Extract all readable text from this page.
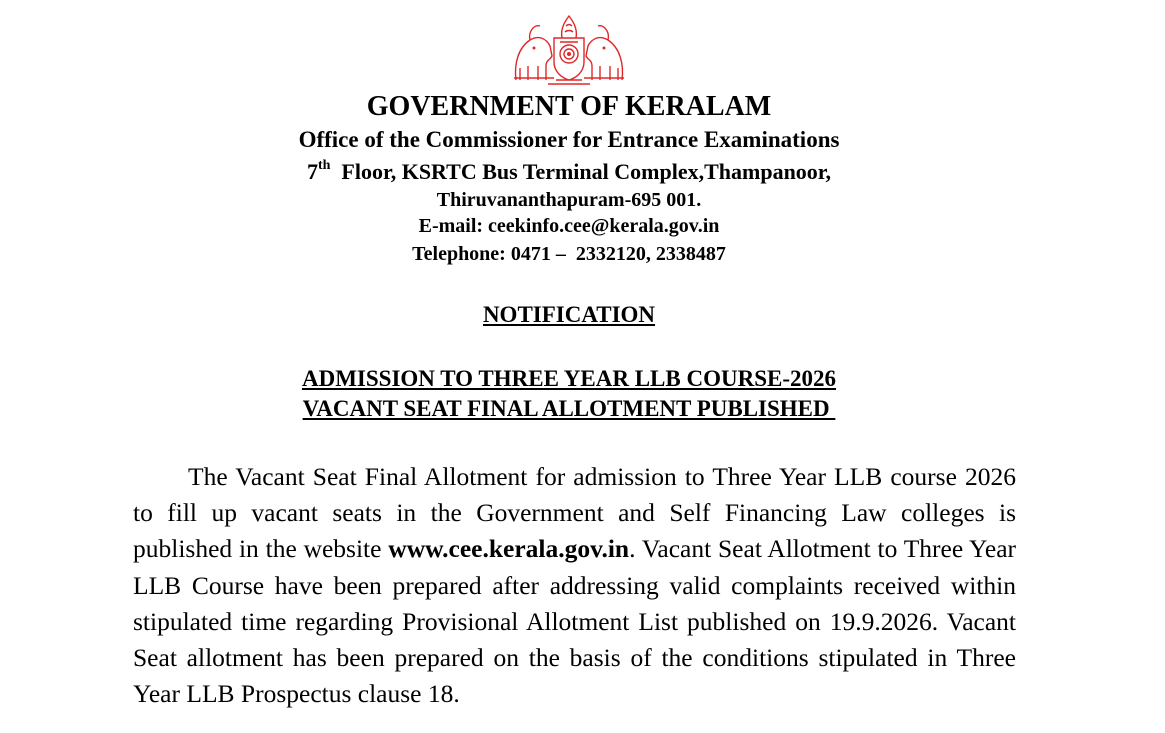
GOVERNMENT OF KERALAM
Office of the Commissioner for Entrance Examinations
7th  Floor, KSRTC Bus Terminal Complex,Thampanoor,
Thiruvananthapuram-695 001.
E-mail: ceekinfo.cee@kerala.gov.in
Telephone: 0471 –  2332120, 2338487
NOTIFICATION
ADMISSION TO THREE YEAR LLB COURSE-2026
VACANT SEAT FINAL ALLOTMENT PUBLISHED

The Vacant Seat Final Allotment for admission to Three Year LLB course 2026 to fill up vacant seats in the Government and Self Financing Law colleges is published in the website www.cee.kerala.gov.in. Vacant Seat Allotment to Three Year LLB Course have been prepared after addressing valid complaints received within stipulated time regarding Provisional Allotment List published on 19.9.2026. Vacant Seat allotment has been prepared on the basis of the conditions stipulated in Three Year LLB Prospectus clause 18.
